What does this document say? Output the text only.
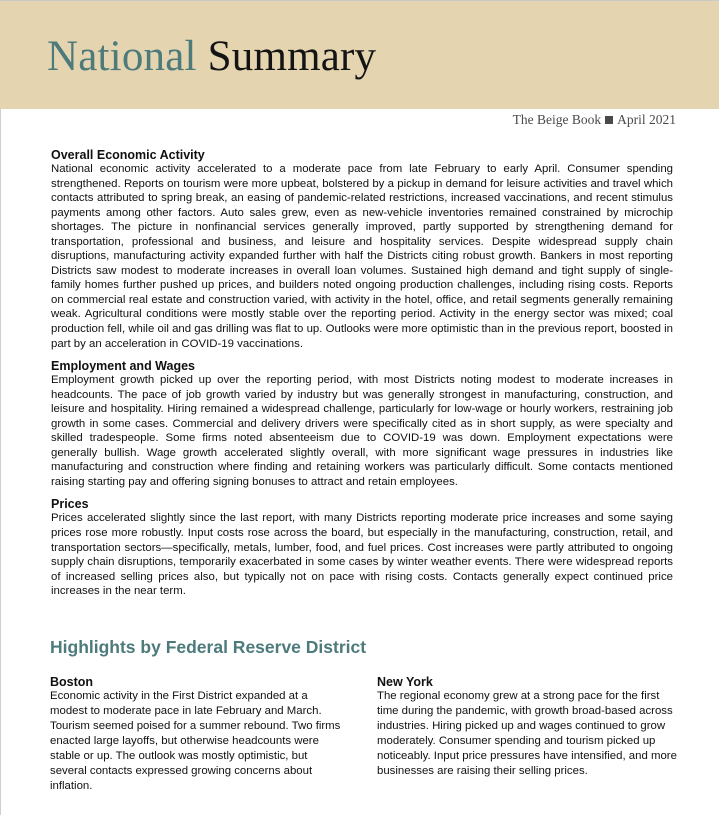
National Summary
The Beige Book April 2021
Overall Economic Activity

National economic activity accelerated to a moderate pace from late February to early April. Consumer spending strengthened. Reports on tourism were more upbeat, bolstered by a pickup in demand for leisure activities and travel which contacts attributed to spring break, an easing of pandemic-related restrictions, increased vaccinations, and recent stimulus payments among other factors. Auto sales grew, even as new-vehicle inventories remained constrained by microchip shortages. The picture in nonfinancial services generally improved, partly supported by strengthening demand for transportation, professional and business, and leisure and hospitality services. Despite widespread supply chain disruptions, manufacturing activity expanded further with half the Districts citing robust growth. Bankers in most reporting Districts saw modest to moderate increases in overall loan volumes. Sustained high demand and tight supply of single-family homes further pushed up prices, and builders noted ongoing production challenges, including rising costs. Reports on commercial real estate and construction varied, with activity in the hotel, office, and retail segments generally remaining weak. Agricultural conditions were mostly stable over the reporting period. Activity in the energy sector was mixed; coal production fell, while oil and gas drilling was flat to up. Outlooks were more optimistic than in the previous report, boosted in part by an acceleration in COVID-19 vaccinations.

Employment and Wages

Employment growth picked up over the reporting period, with most Districts noting modest to moderate increases in headcounts. The pace of job growth varied by industry but was generally strongest in manufacturing, construction, and leisure and hospitality. Hiring remained a widespread challenge, particularly for low-wage or hourly workers, restraining job growth in some cases. Commercial and delivery drivers were specifically cited as in short supply, as were specialty and skilled tradespeople. Some firms noted absenteeism due to COVID-19 was down. Employment expectations were generally bullish. Wage growth accelerated slightly overall, with more significant wage pressures in industries like manufacturing and construction where finding and retaining workers was particularly difficult. Some contacts mentioned raising starting pay and offering signing bonuses to attract and retain employees.

Prices

Prices accelerated slightly since the last report, with many Districts reporting moderate price increases and some saying prices rose more robustly. Input costs rose across the board, but especially in the manufacturing, construction, retail, and transportation sectors—specifically, metals, lumber, food, and fuel prices. Cost increases were partly attributed to ongoing supply chain disruptions, temporarily exacerbated in some cases by winter weather events. There were widespread reports of increased selling prices also, but typically not on pace with rising costs. Contacts generally expect continued price increases in the near term.

Highlights by Federal Reserve District
Boston

Economic activity in the First District expanded at a modest to moderate pace in late February and March. Tourism seemed poised for a summer rebound. Two firms enacted large layoffs, but otherwise headcounts were stable or up. The outlook was mostly optimistic, but several contacts expressed growing concerns about inflation.

New York

The regional economy grew at a strong pace for the first time during the pandemic, with growth broad-based across industries. Hiring picked up and wages continued to grow moderately. Consumer spending and tourism picked up noticeably. Input price pressures have intensified, and more businesses are raising their selling prices.
